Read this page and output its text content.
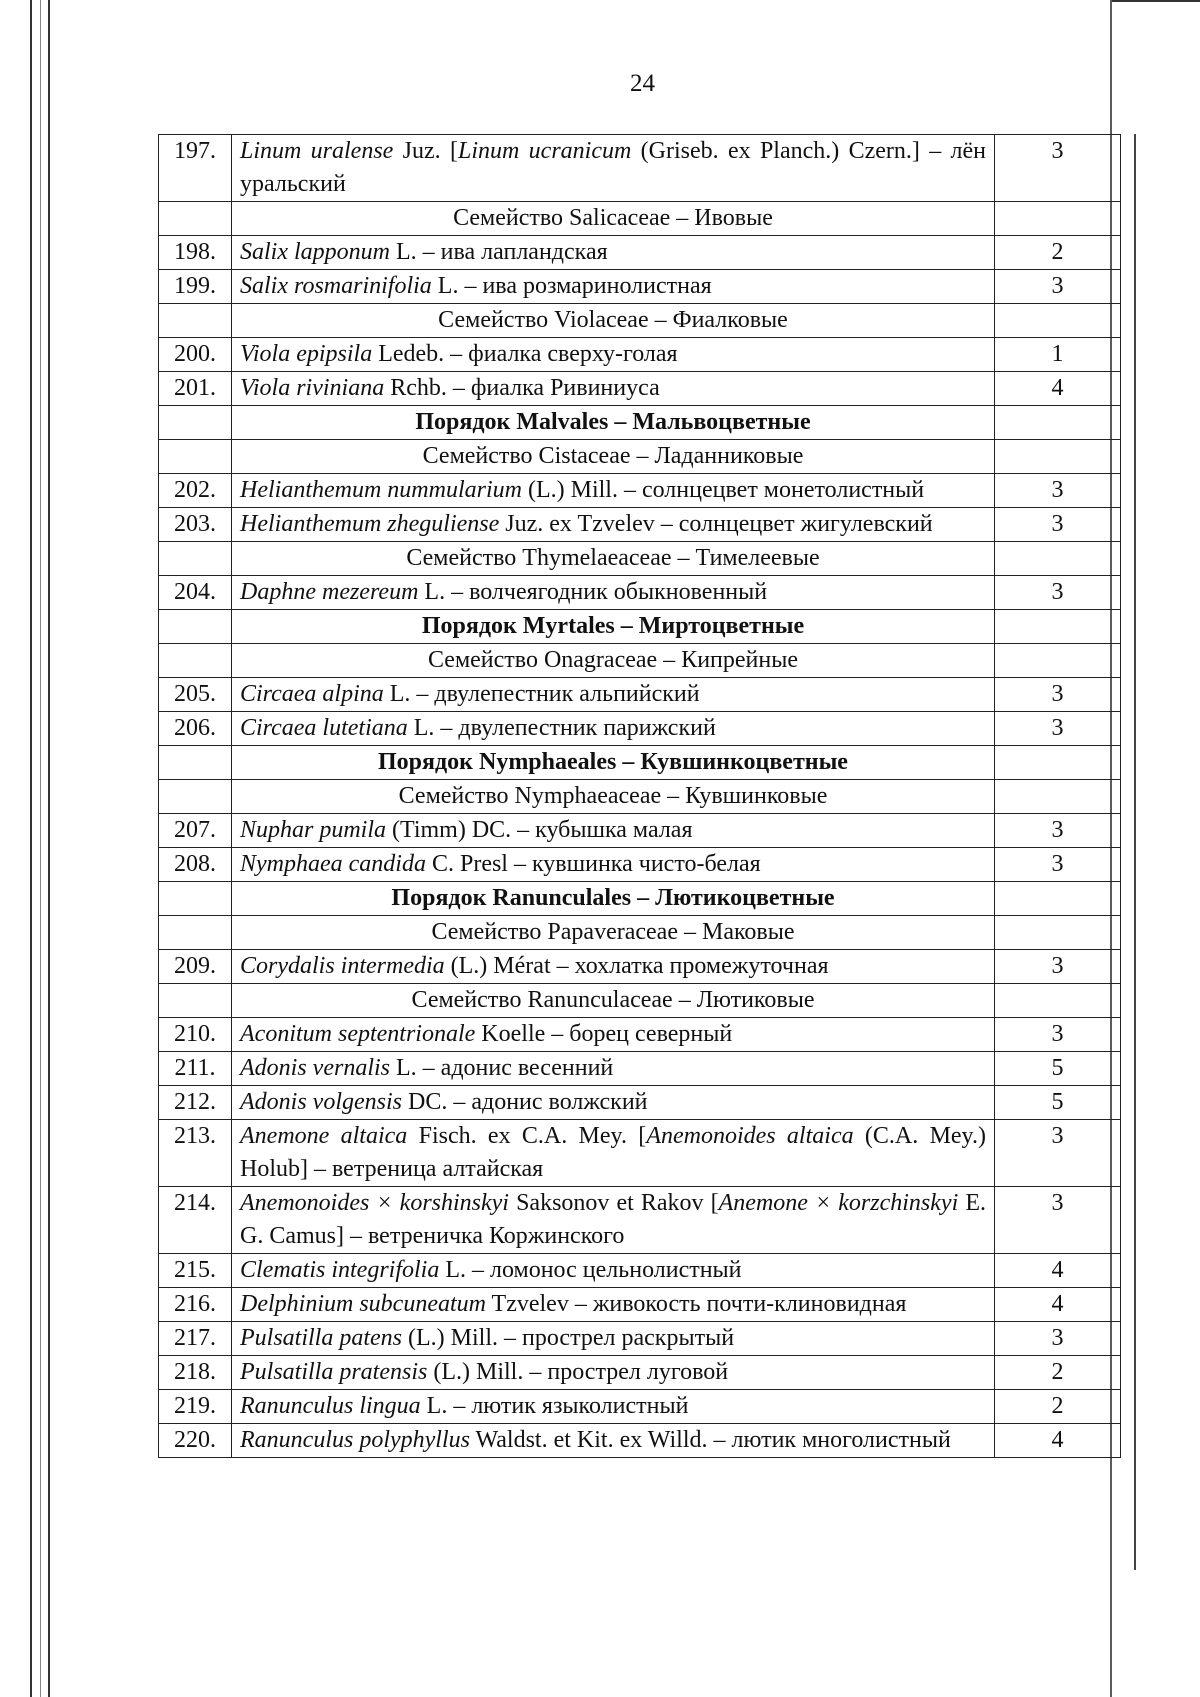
24
197.	Linum uralense Juz. [Linum ucranicum (Griseb. ex Planch.) Czern.] – лён уральский	3
	Семейство Salicaceae – Ивовые	
198.	Salix lapponum L. – ива лапландская	2
199.	Salix rosmarinifolia L. – ива розмаринолистная	3
	Семейство Violaceae – Фиалковые	
200.	Viola epipsila Ledeb. – фиалка сверху-голая	1
201.	Viola riviniana Rchb. – фиалка Ривиниуса	4
	Порядок Malvales – Мальвоцветные	
	Семейство Cistaceae – Ладанниковые	
202.	Helianthemum nummularium (L.) Mill. – солнцецвет монетолистный	3
203.	Helianthemum zheguliense Juz. ex Tzvelev – солнцецвет жигулевский	3
	Семейство Thymelaeaceae – Тимелеевые	
204.	Daphne mezereum L. – волчеягодник обыкновенный	3
	Порядок Myrtales – Миртоцветные	
	Семейство Onagraceae – Кипрейные	
205.	Circaea alpina L. – двулепестник альпийский	3
206.	Circaea lutetiana L. – двулепестник парижский	3
	Порядок Nymphaeales – Кувшинкоцветные	
	Семейство Nymphaeaceae – Кувшинковые	
207.	Nuphar pumila (Timm) DC. – кубышка малая	3
208.	Nymphaea candida C. Presl – кувшинка чисто-белая	3
	Порядок Ranunculales – Лютикоцветные	
	Семейство Papaveraceae – Маковые	
209.	Corydalis intermedia (L.) Mérat – хохлатка промежуточная	3
	Семейство Ranunculaceae – Лютиковые	
210.	Aconitum septentrionale Koelle – борец северный	3
211.	Adonis vernalis L. – адонис весенний	5
212.	Adonis volgensis DC. – адонис волжский	5
213.	Anemone altaica Fisch. ex C.A. Mey. [Anemonoides altaica (C.A. Mey.) Holub] – ветреница алтайская	3
214.	Anemonoides × korshinskyi Saksonov et Rakov [Anemone × korzchinskyi E. G. Camus] – ветреничка Коржинского	3
215.	Clematis integrifolia L. – ломонос цельнолистный	4
216.	Delphinium subcuneatum Tzvelev – живокость почти-клиновидная	4
217.	Pulsatilla patens (L.) Mill. – прострел раскрытый	3
218.	Pulsatilla pratensis (L.) Mill. – прострел луговой	2
219.	Ranunculus lingua L. – лютик языколистный	2
220.	Ranunculus polyphyllus Waldst. et Kit. ex Willd. – лютик многолистный	4
